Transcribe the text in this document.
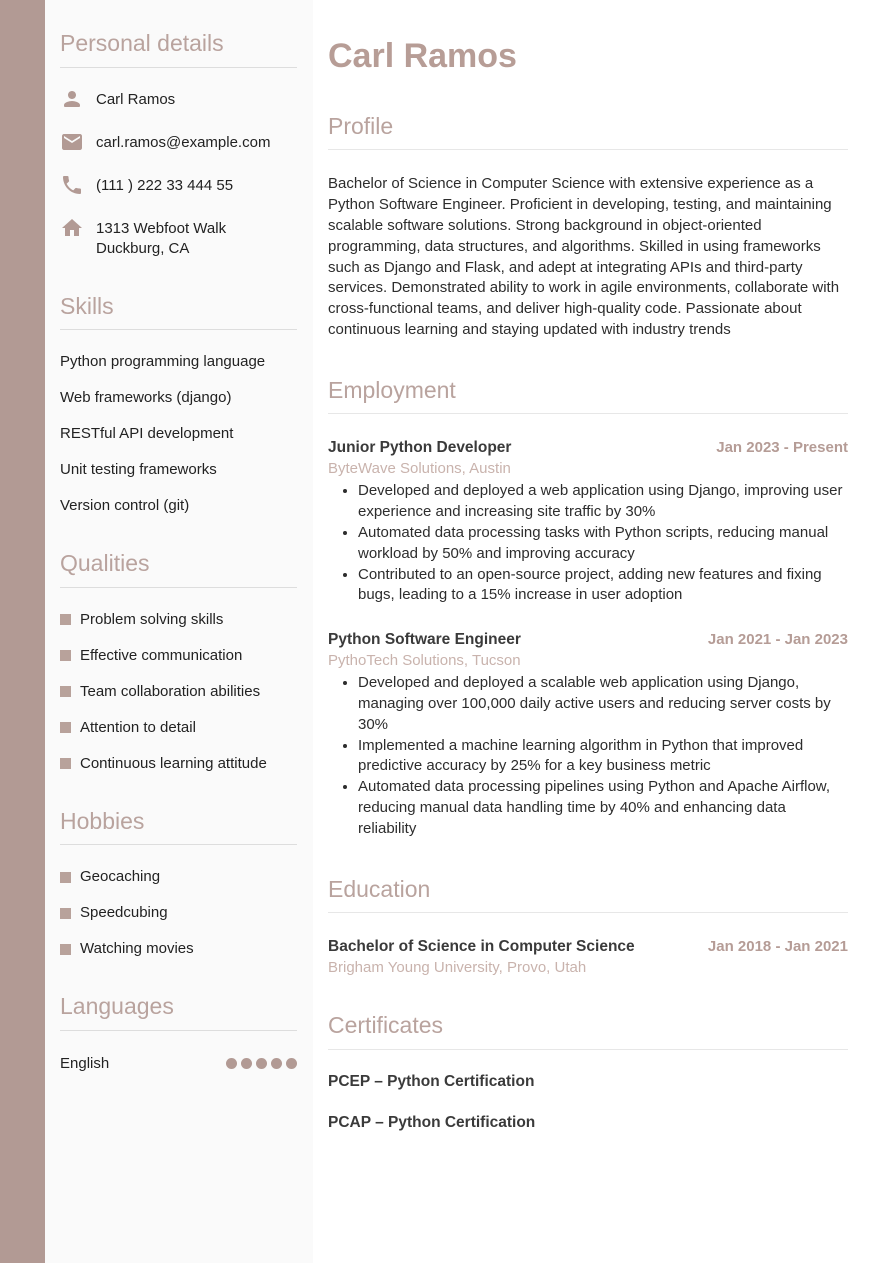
Personal details
Carl Ramos
carl.ramos@example.com
(111 ) 222 33 444 55
1313 Webfoot Walk
Duckburg, CA
Skills
Python programming language
Web frameworks (django)
RESTful API development
Unit testing frameworks
Version control (git)
Qualities
Problem solving skills
Effective communication
Team collaboration abilities
Attention to detail
Continuous learning attitude
Hobbies
Geocaching
Speedcubing
Watching movies
Languages
English
Carl Ramos
Profile

Bachelor of Science in Computer Science with extensive experience as a Python Software Engineer. Proficient in developing, testing, and maintaining scalable software solutions. Strong background in object-oriented programming, data structures, and algorithms. Skilled in using frameworks such as Django and Flask, and adept at integrating APIs and third-party services. Demonstrated ability to work in agile environments, collaborate with cross-functional teams, and deliver high-quality code. Passionate about continuous learning and staying updated with industry trends

Employment
Junior Python Developer	Jan 2023 - Present
ByteWave Solutions, Austin
• Developed and deployed a web application using Django, improving user experience and increasing site traffic by 30%
• Automated data processing tasks with Python scripts, reducing manual workload by 50% and improving accuracy
• Contributed to an open-source project, adding new features and fixing bugs, leading to a 15% increase in user adoption
Python Software Engineer	Jan 2021 - Jan 2023
PythoTech Solutions, Tucson
• Developed and deployed a scalable web application using Django, managing over 100,000 daily active users and reducing server costs by 30%
• Implemented a machine learning algorithm in Python that improved predictive accuracy by 25% for a key business metric
• Automated data processing pipelines using Python and Apache Airflow, reducing manual data handling time by 40% and enhancing data reliability
Education
Bachelor of Science in Computer Science	Jan 2018 - Jan 2021
Brigham Young University, Provo, Utah
Certificates
PCEP – Python Certification
PCAP – Python Certification
